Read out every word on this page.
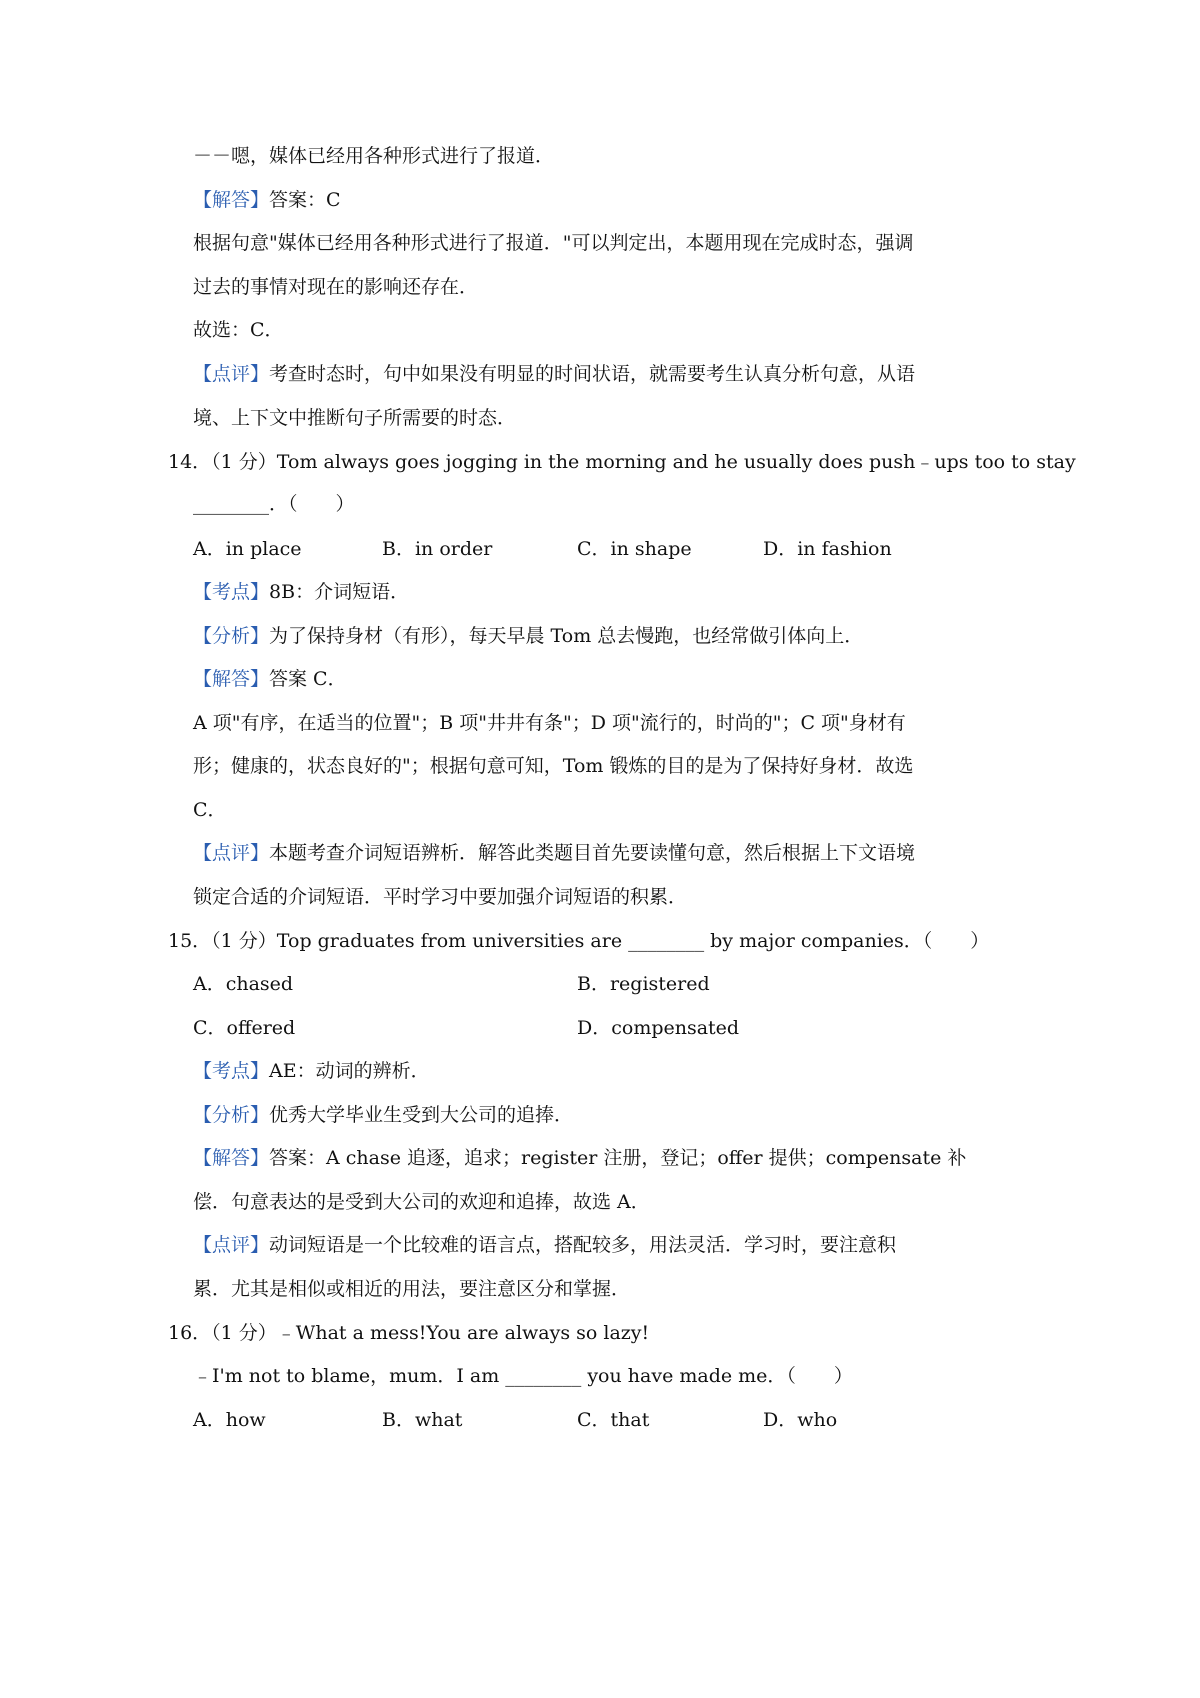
－－嗯，媒体已经用各种形式进行了报道．
【解答】答案：C
根据句意"媒体已经用各种形式进行了报道．"可以判定出，本题用现在完成时态，强调
过去的事情对现在的影响还存在．
故选：C．
【点评】考查时态时，句中如果没有明显的时间状语，就需要考生认真分析句意，从语
境、上下文中推断句子所需要的时态．
14．（1 分）Tom always goes jogging in the morning and he usually does push﹣ups too to stay
________．（　　）
A．in place	B．in order	C．in shape	D．in fashion
【考点】8B：介词短语．
【分析】为了保持身材（有形），每天早晨 Tom 总去慢跑，也经常做引体向上．
【解答】答案 C．
A 项"有序，在适当的位置"；B 项"井井有条"；D 项"流行的，时尚的"；C 项"身材有
形；健康的，状态良好的"；根据句意可知，Tom 锻炼的目的是为了保持好身材．故选
C．
【点评】本题考查介词短语辨析．解答此类题目首先要读懂句意，然后根据上下文语境
锁定合适的介词短语．平时学习中要加强介词短语的积累．
15．（1 分）Top graduates from universities are ________ by major companies．（　　）
A．chased	B．registered
C．offered	D．compensated
【考点】AE：动词的辨析．
【分析】优秀大学毕业生受到大公司的追捧．
【解答】答案：A chase 追逐，追求；register 注册，登记；offer 提供；compensate 补
偿．句意表达的是受到大公司的欢迎和追捧，故选 A．
【点评】动词短语是一个比较难的语言点，搭配较多，用法灵活．学习时，要注意积
累．尤其是相似或相近的用法，要注意区分和掌握．
16．（1 分）﹣What a mess!You are always so lazy!
﹣I'm not to blame，mum．I am ________ you have made me．（　　）
A．how	B．what	C．that	D．who
